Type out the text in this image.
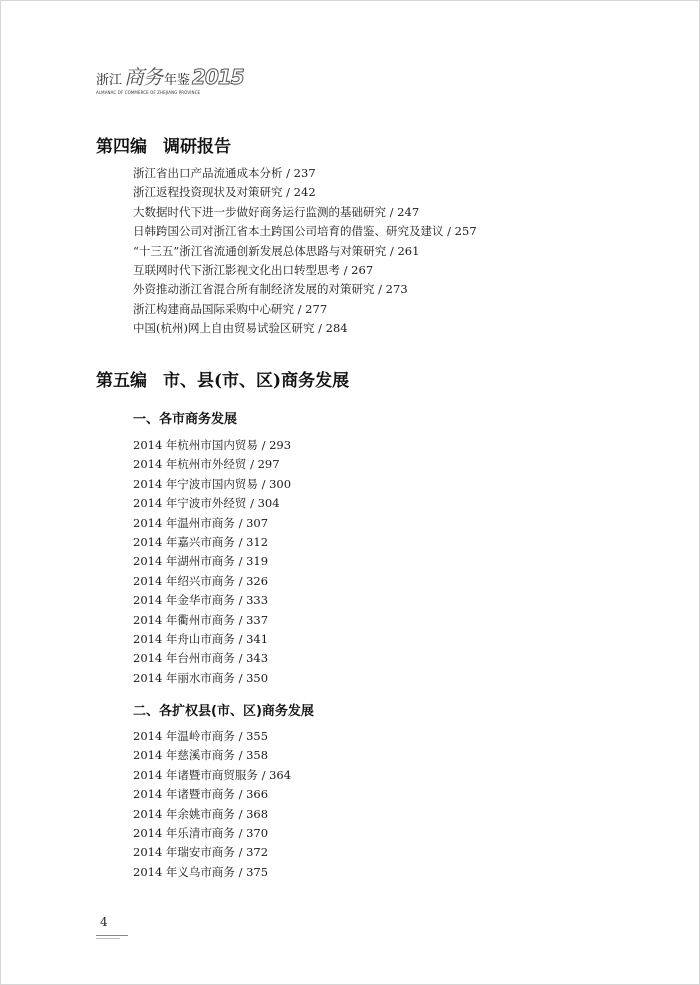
浙江 商务 年鉴 2015
ALMANAC OF COMMERCE OF ZHEJIANG PROVINCE
第四编 调研报告
浙江省出口产品流通成本分析 / 237
浙江返程投资现状及对策研究 / 242
大数据时代下进一步做好商务运行监测的基础研究 / 247
日韩跨国公司对浙江省本土跨国公司培育的借鉴、研究及建议 / 257
“十三五”浙江省流通创新发展总体思路与对策研究 / 261
互联网时代下浙江影视文化出口转型思考 / 267
外资推动浙江省混合所有制经济发展的对策研究 / 273
浙江构建商品国际采购中心研究 / 277
中国(杭州)网上自由贸易试验区研究 / 284
第五编 市、县(市、区)商务发展
一、各市商务发展
2014 年杭州市国内贸易 / 293
2014 年杭州市外经贸 / 297
2014 年宁波市国内贸易 / 300
2014 年宁波市外经贸 / 304
2014 年温州市商务 / 307
2014 年嘉兴市商务 / 312
2014 年湖州市商务 / 319
2014 年绍兴市商务 / 326
2014 年金华市商务 / 333
2014 年衢州市商务 / 337
2014 年舟山市商务 / 341
2014 年台州市商务 / 343
2014 年丽水市商务 / 350
二、各扩权县(市、区)商务发展
2014 年温岭市商务 / 355
2014 年慈溪市商务 / 358
2014 年诸暨市商贸服务 / 364
2014 年诸暨市商务 / 366
2014 年余姚市商务 / 368
2014 年乐清市商务 / 370
2014 年瑞安市商务 / 372
2014 年义乌市商务 / 375
4
